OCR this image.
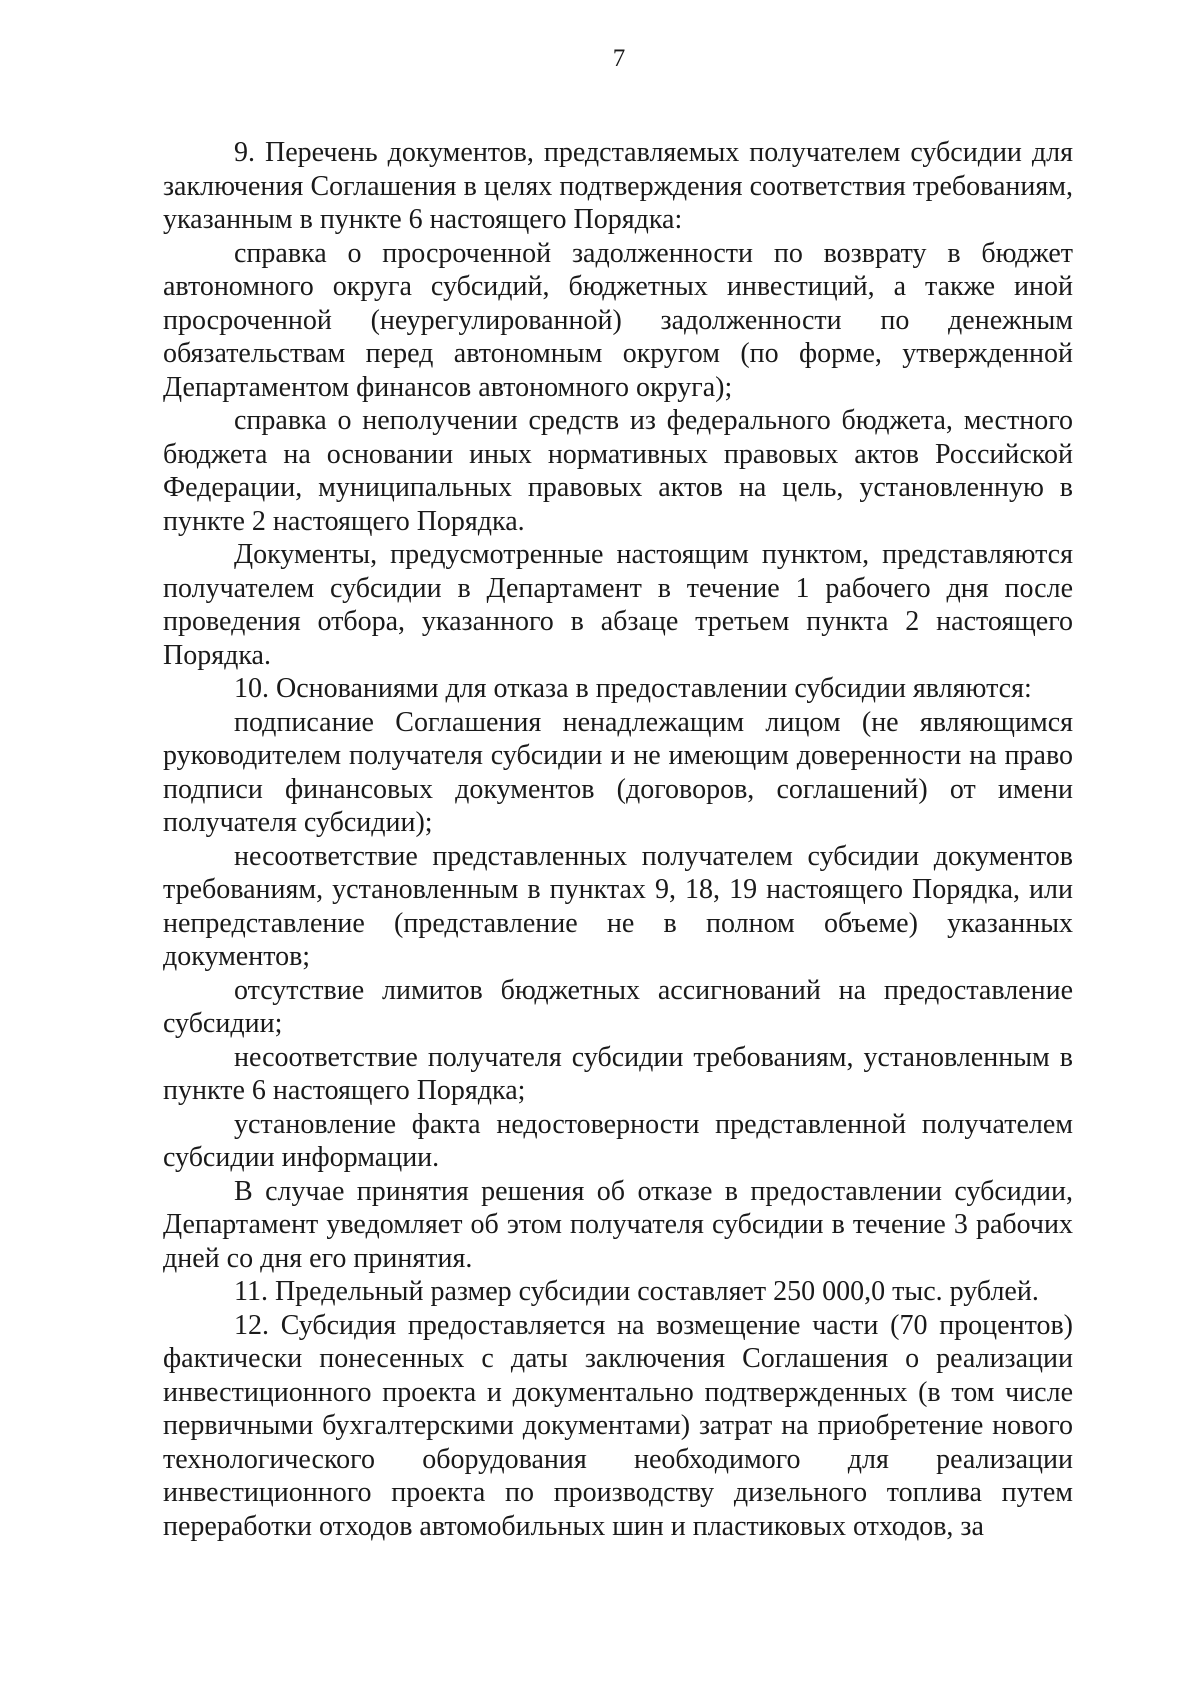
7

9. Перечень документов, представляемых получателем субсидии для заключения Соглашения в целях подтверждения соответствия требованиям, указанным в пункте 6 настоящего Порядка:

справка о просроченной задолженности по возврату в бюджет автономного округа субсидий, бюджетных инвестиций, а также иной просроченной (неурегулированной) задолженности по денежным обязательствам перед автономным округом (по форме, утвержденной Департаментом финансов автономного округа);

справка о неполучении средств из федерального бюджета, местного бюджета на основании иных нормативных правовых актов Российской Федерации, муниципальных правовых актов на цель, установленную в пункте 2 настоящего Порядка.

Документы, предусмотренные настоящим пунктом, представляются получателем субсидии в Департамент в течение 1 рабочего дня после проведения отбора, указанного в абзаце третьем пункта 2 настоящего Порядка.

10. Основаниями для отказа в предоставлении субсидии являются:

подписание Соглашения ненадлежащим лицом (не являющимся руководителем получателя субсидии и не имеющим доверенности на право подписи финансовых документов (договоров, соглашений) от имени получателя субсидии);

несоответствие представленных получателем субсидии документов требованиям, установленным в пунктах 9, 18, 19 настоящего Порядка, или непредставление (представление не в полном объеме) указанных документов;

отсутствие лимитов бюджетных ассигнований на предоставление субсидии;

несоответствие получателя субсидии требованиям, установленным в пункте 6 настоящего Порядка;

установление факта недостоверности представленной получателем субсидии информации.

В случае принятия решения об отказе в предоставлении субсидии, Департамент уведомляет об этом получателя субсидии в течение 3 рабочих дней со дня его принятия.

11. Предельный размер субсидии составляет 250 000,0 тыс. рублей.

12. Субсидия предоставляется на возмещение части (70 процентов) фактически понесенных с даты заключения Соглашения о реализации инвестиционного проекта и документально подтвержденных (в том числе первичными бухгалтерскими документами) затрат на приобретение нового технологического оборудования необходимого для реализации инвестиционного проекта по производству дизельного топлива путем переработки отходов автомобильных шин и пластиковых отходов, за
